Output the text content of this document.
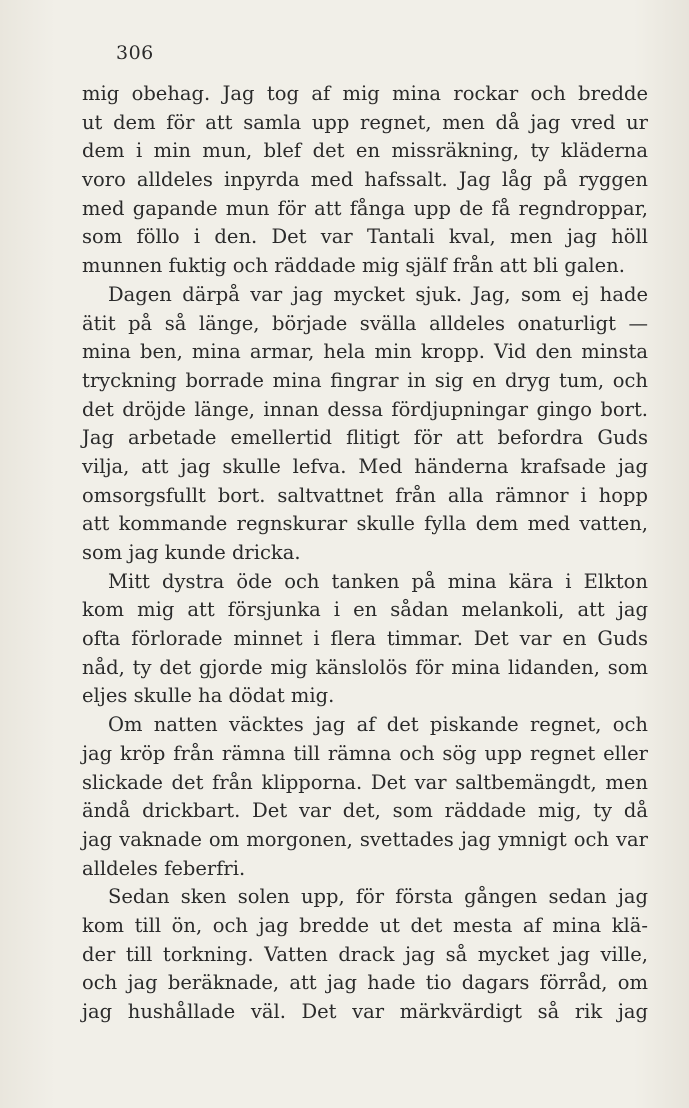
306
mig obehag. Jag tog af mig mina rockar och bredde
ut dem för att samla upp regnet, men då jag vred ur
dem i min mun, blef det en missräkning, ty kläderna
voro alldeles inpyrda med hafssalt. Jag låg på ryggen
med gapande mun för att fånga upp de få regndroppar,
som föllo i den. Det var Tantali kval, men jag höll
munnen fuktig och räddade mig själf från att bli galen.
Dagen därpå var jag mycket sjuk. Jag, som ej hade
ätit på så länge, började svälla alldeles onaturligt —
mina ben, mina armar, hela min kropp. Vid den minsta
tryckning borrade mina fingrar in sig en dryg tum, och
det dröjde länge, innan dessa fördjupningar gingo bort.
Jag arbetade emellertid flitigt för att befordra Guds
vilja, att jag skulle lefva. Med händerna krafsade jag
omsorgsfullt bort. saltvattnet från alla rämnor i hopp
att kommande regnskurar skulle fylla dem med vatten,
som jag kunde dricka.
Mitt dystra öde och tanken på mina kära i Elkton
kom mig att försjunka i en sådan melankoli, att jag
ofta förlorade minnet i flera timmar. Det var en Guds
nåd, ty det gjorde mig känslolös för mina lidanden, som
eljes skulle ha dödat mig.
Om natten väcktes jag af det piskande regnet, och
jag kröp från rämna till rämna och sög upp regnet eller
slickade det från klipporna. Det var saltbemängdt, men
ändå drickbart. Det var det, som räddade mig, ty då
jag vaknade om morgonen, svettades jag ymnigt och var
alldeles feberfri.
Sedan sken solen upp, för första gången sedan jag
kom till ön, och jag bredde ut det mesta af mina klä-
der till torkning. Vatten drack jag så mycket jag ville,
och jag beräknade, att jag hade tio dagars förråd, om
jag hushållade väl. Det var märkvärdigt så rik jag
